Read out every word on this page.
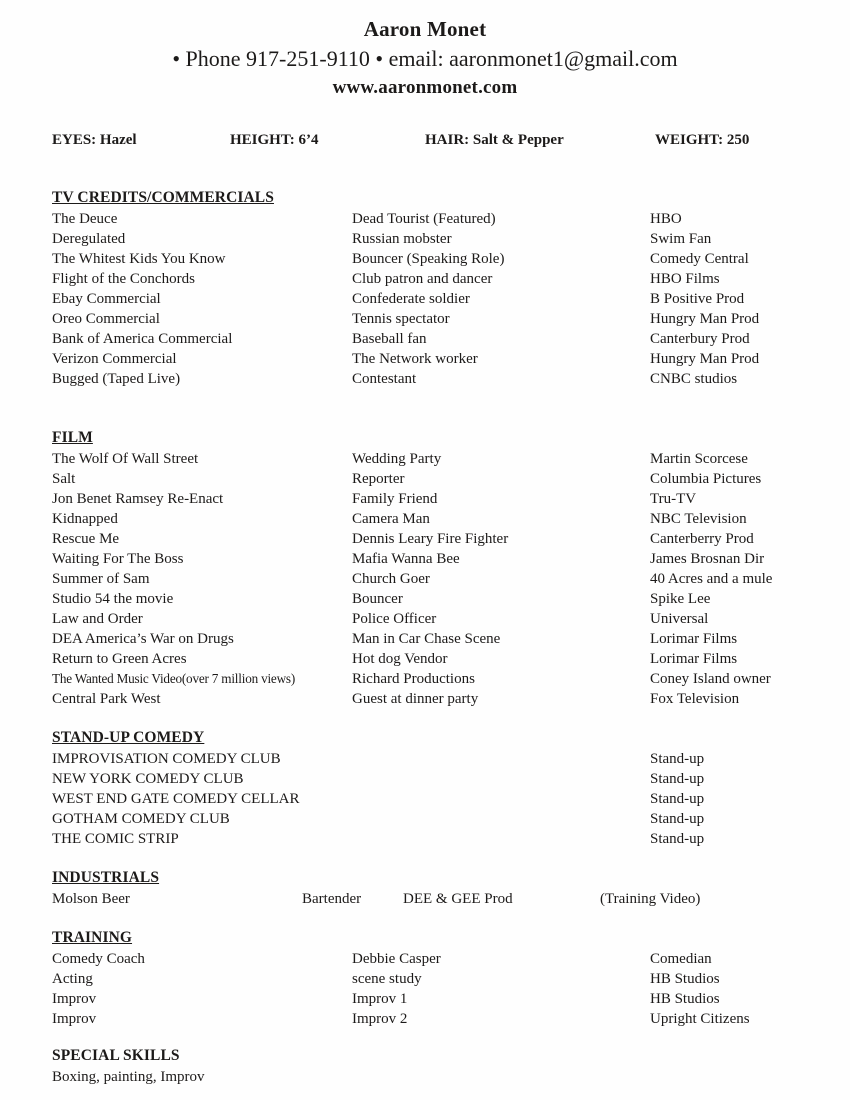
Aaron Monet
• Phone 917-251-9110 • email: aaronmonet1@gmail.com
www.aaronmonet.com
EYES: Hazel	HEIGHT: 6’4	HAIR: Salt & Pepper	WEIGHT: 250
TV CREDITS/COMMERCIALS
The Deuce	Dead Tourist (Featured)	HBO
Deregulated	Russian mobster	Swim Fan
The Whitest Kids You Know	Bouncer (Speaking Role)	Comedy Central
Flight of the Conchords	Club patron and dancer	HBO Films
Ebay Commercial	Confederate soldier	B Positive Prod
Oreo Commercial	Tennis spectator	Hungry Man Prod
Bank of America Commercial	Baseball fan	Canterbury Prod
Verizon Commercial	The Network worker	Hungry Man Prod
Bugged (Taped Live)	Contestant	CNBC studios
FILM
The Wolf Of Wall Street	Wedding Party	Martin Scorcese
Salt	Reporter	Columbia Pictures
Jon Benet Ramsey Re-Enact	Family Friend	Tru-TV
Kidnapped	Camera Man	NBC Television
Rescue Me	Dennis Leary Fire Fighter	Canterberry Prod
Waiting For The Boss	Mafia Wanna Bee	James Brosnan Dir
Summer of Sam	Church Goer	40 Acres and a mule
Studio 54 the movie	Bouncer	Spike Lee
Law and Order	Police Officer	Universal
DEA America’s War on Drugs	Man in Car Chase Scene	Lorimar Films
Return to Green Acres	Hot dog Vendor	Lorimar Films
The Wanted Music Video(over 7 million views)	Richard Productions	Coney Island owner
Central Park West	Guest at dinner party	Fox Television
STAND-UP COMEDY
IMPROVISATION COMEDY CLUB	Stand-up
NEW YORK COMEDY CLUB	Stand-up
WEST END GATE COMEDY CELLAR	Stand-up
GOTHAM COMEDY CLUB	Stand-up
THE COMIC STRIP	Stand-up
INDUSTRIALS
Molson Beer	Bartender	DEE & GEE Prod	(Training Video)
TRAINING
Comedy Coach	Debbie Casper	Comedian
Acting	scene study	HB Studios
Improv	Improv 1	HB Studios
Improv	Improv 2	Upright Citizens
SPECIAL SKILLS
Boxing, painting, Improv
